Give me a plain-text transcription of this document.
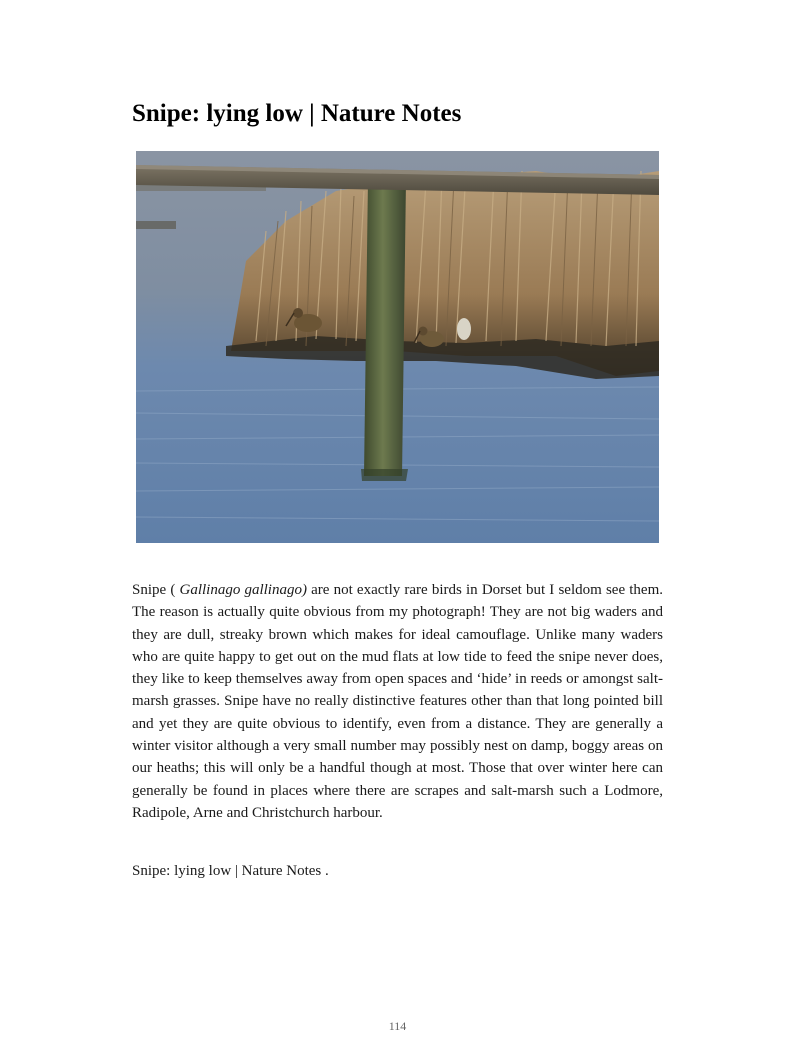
Snipe: lying low | Nature Notes

Snipe ( Gallinago gallinago) are not exactly rare birds in Dorset but I seldom see them. The reason is actually quite obvious from my photograph! They are not big waders and they are dull, streaky brown which makes for ideal camouflage. Unlike many waders who are quite happy to get out on the mud flats at low tide to feed the snipe never does, they like to keep themselves away from open spaces and ‘hide’ in reeds or amongst salt-marsh grasses. Snipe have no really distinctive features other than that long pointed bill and yet they are quite obvious to identify, even from a distance. They are generally a winter visitor although a very small number may possibly nest on damp, boggy areas on our heaths; this will only be a handful though at most. Those that over winter here can generally be found in places where there are scrapes and salt-marsh such a Lodmore, Radipole, Arne and Christchurch harbour.

Snipe: lying low | Nature Notes .

114
